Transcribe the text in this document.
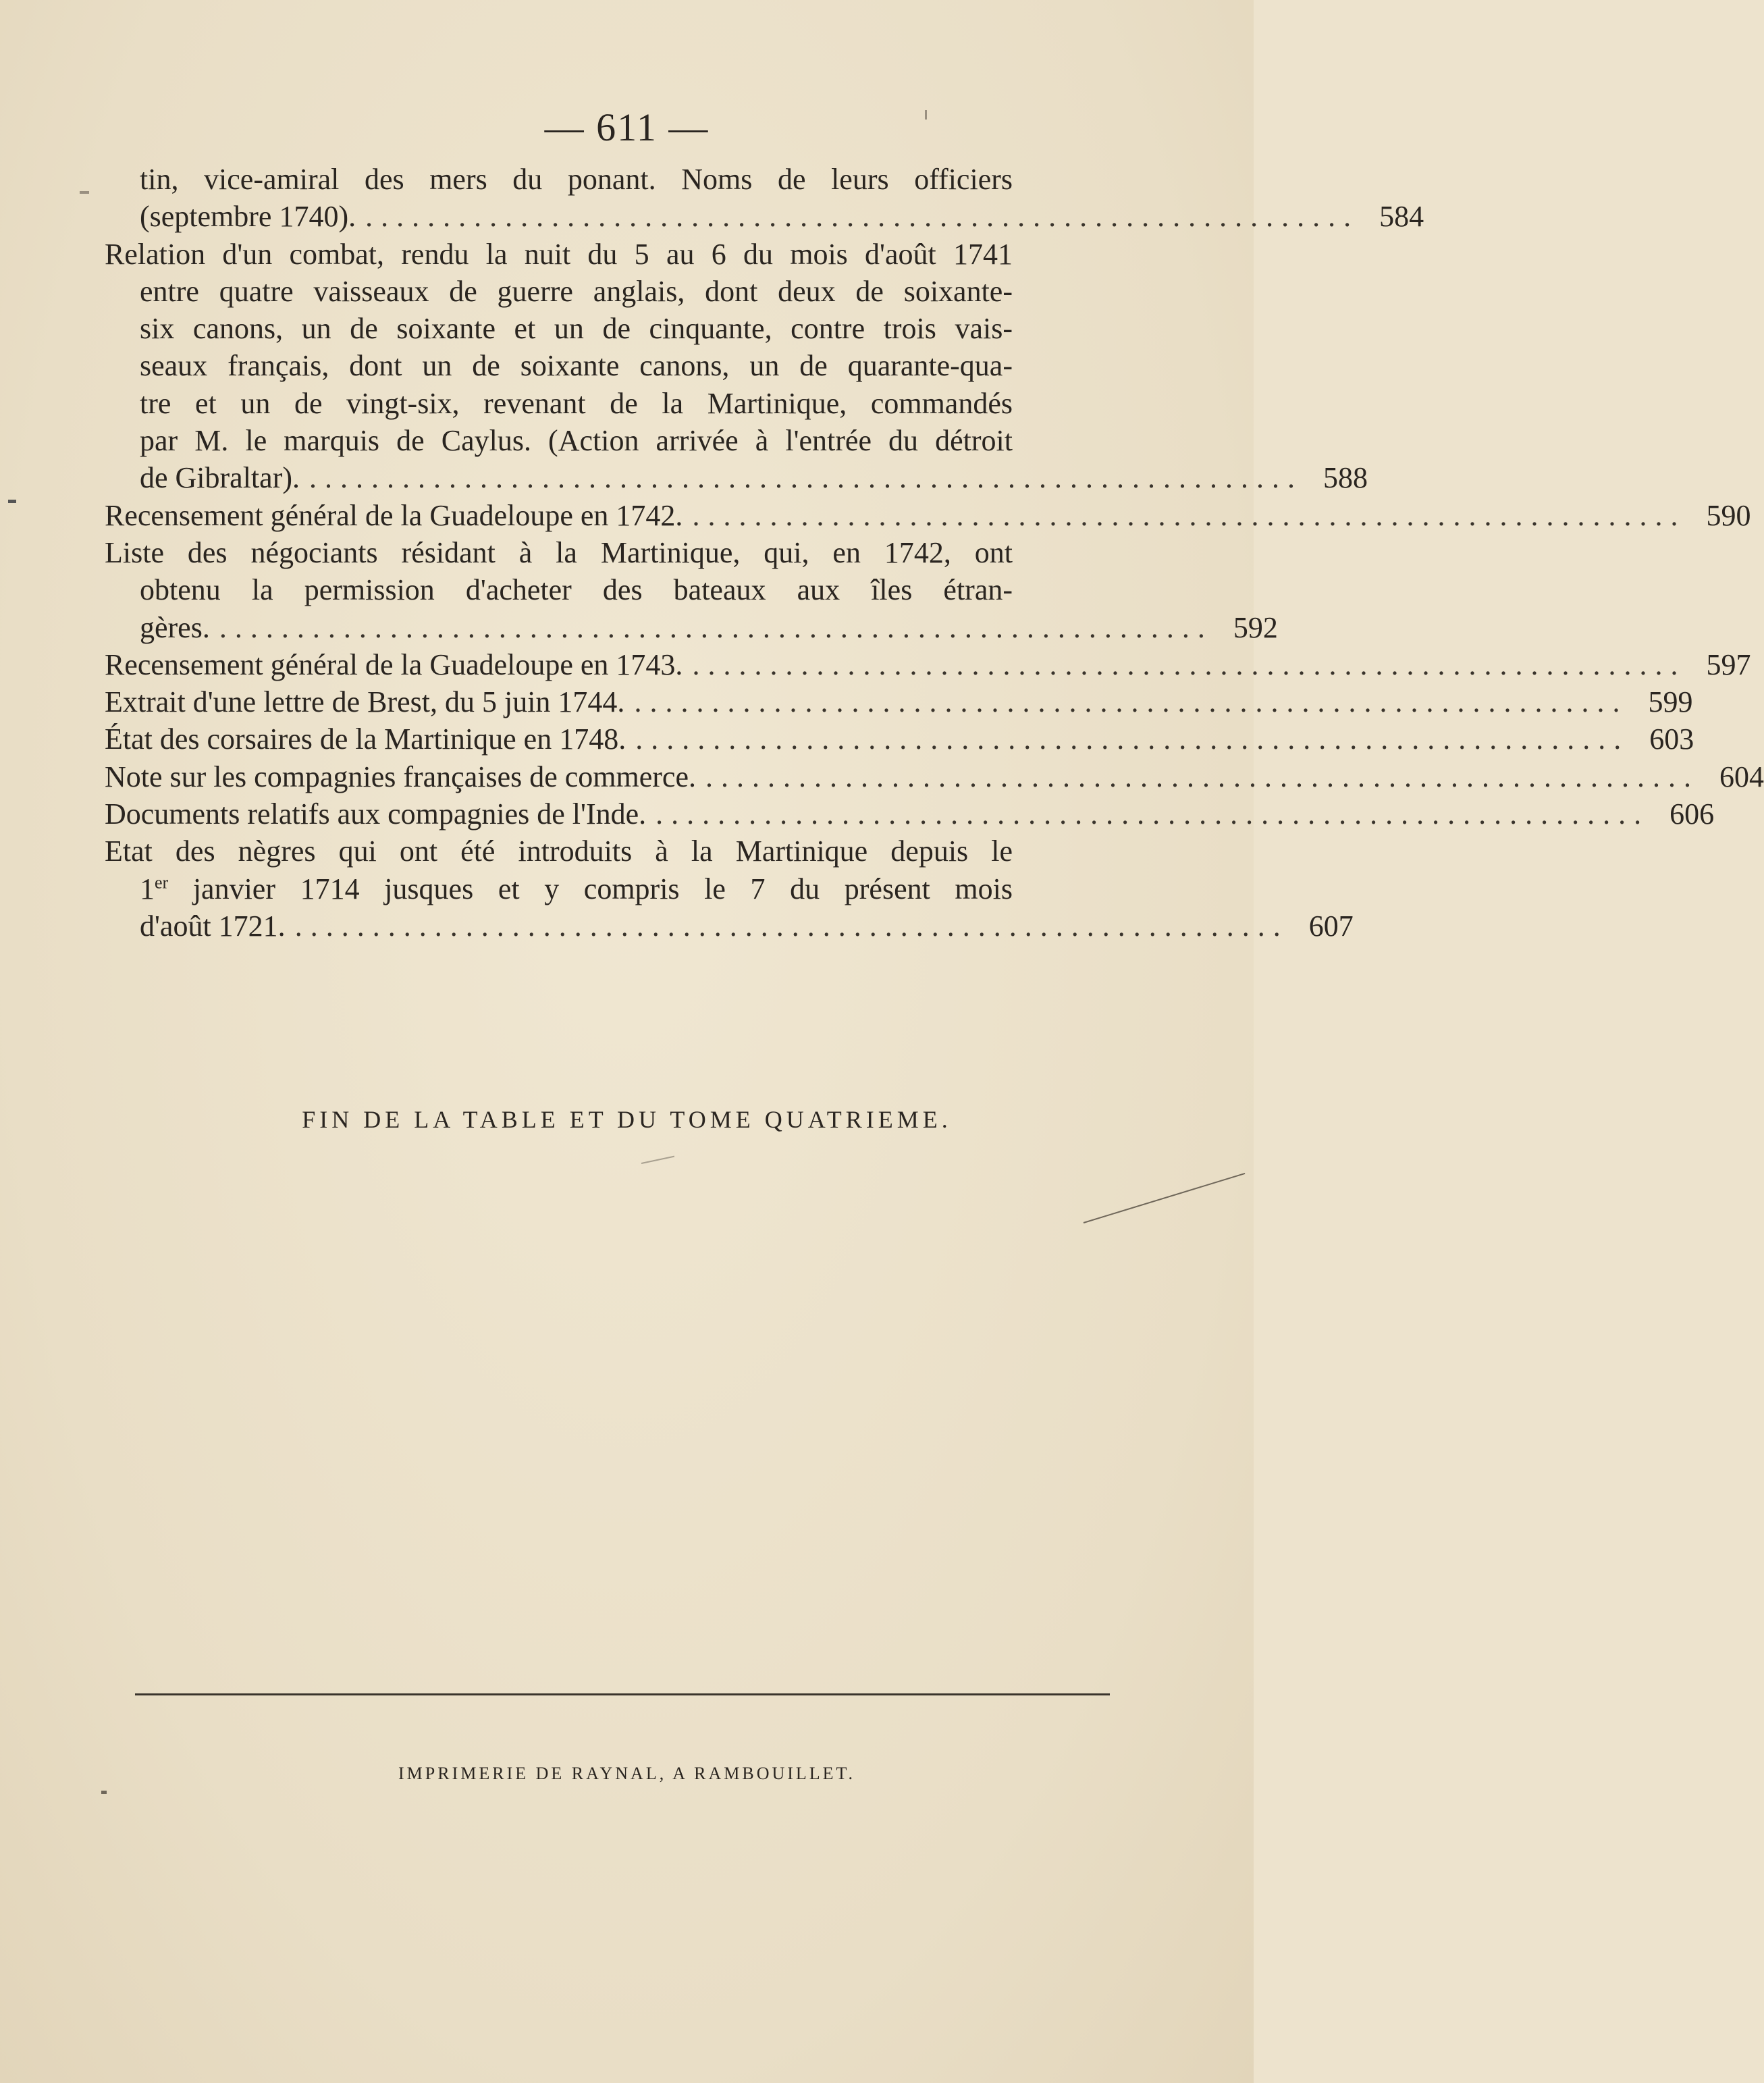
— 611 —
tin, vice-amiral des mers du ponant. Noms de leurs officiers
(septembre 1740). ................................................................ 584
Relation d'un combat, rendu la nuit du 5 au 6 du mois d'août 1741
entre quatre vaisseaux de guerre anglais, dont deux de soixante-
six canons, un de soixante et un de cinquante, contre trois vais-
seaux français, dont un de soixante canons, un de quarante-qua-
tre et un de vingt-six, revenant de la Martinique, commandés
par M. le marquis de Caylus. (Action arrivée à l'entrée du détroit
de Gibraltar). ................................................................ 588
Recensement général de la Guadeloupe en 1742. ................................................................ 590
Liste des négociants résidant à la Martinique, qui, en 1742, ont
obtenu la permission d'acheter des bateaux aux îles étran-
gères. ................................................................ 592
Recensement général de la Guadeloupe en 1743. ................................................................ 597
Extrait d'une lettre de Brest, du 5 juin 1744. ................................................................ 599
État des corsaires de la Martinique en 1748. ................................................................ 603
Note sur les compagnies françaises de commerce. ................................................................ 604
Documents relatifs aux compagnies de l'Inde. ................................................................ 606
Etat des nègres qui ont été introduits à la Martinique depuis le
1er janvier 1714 jusques et y compris le 7 du présent mois
d'août 1721. ................................................................ 607
FIN DE LA TABLE ET DU TOME QUATRIEME.
IMPRIMERIE DE RAYNAL, A RAMBOUILLET.
